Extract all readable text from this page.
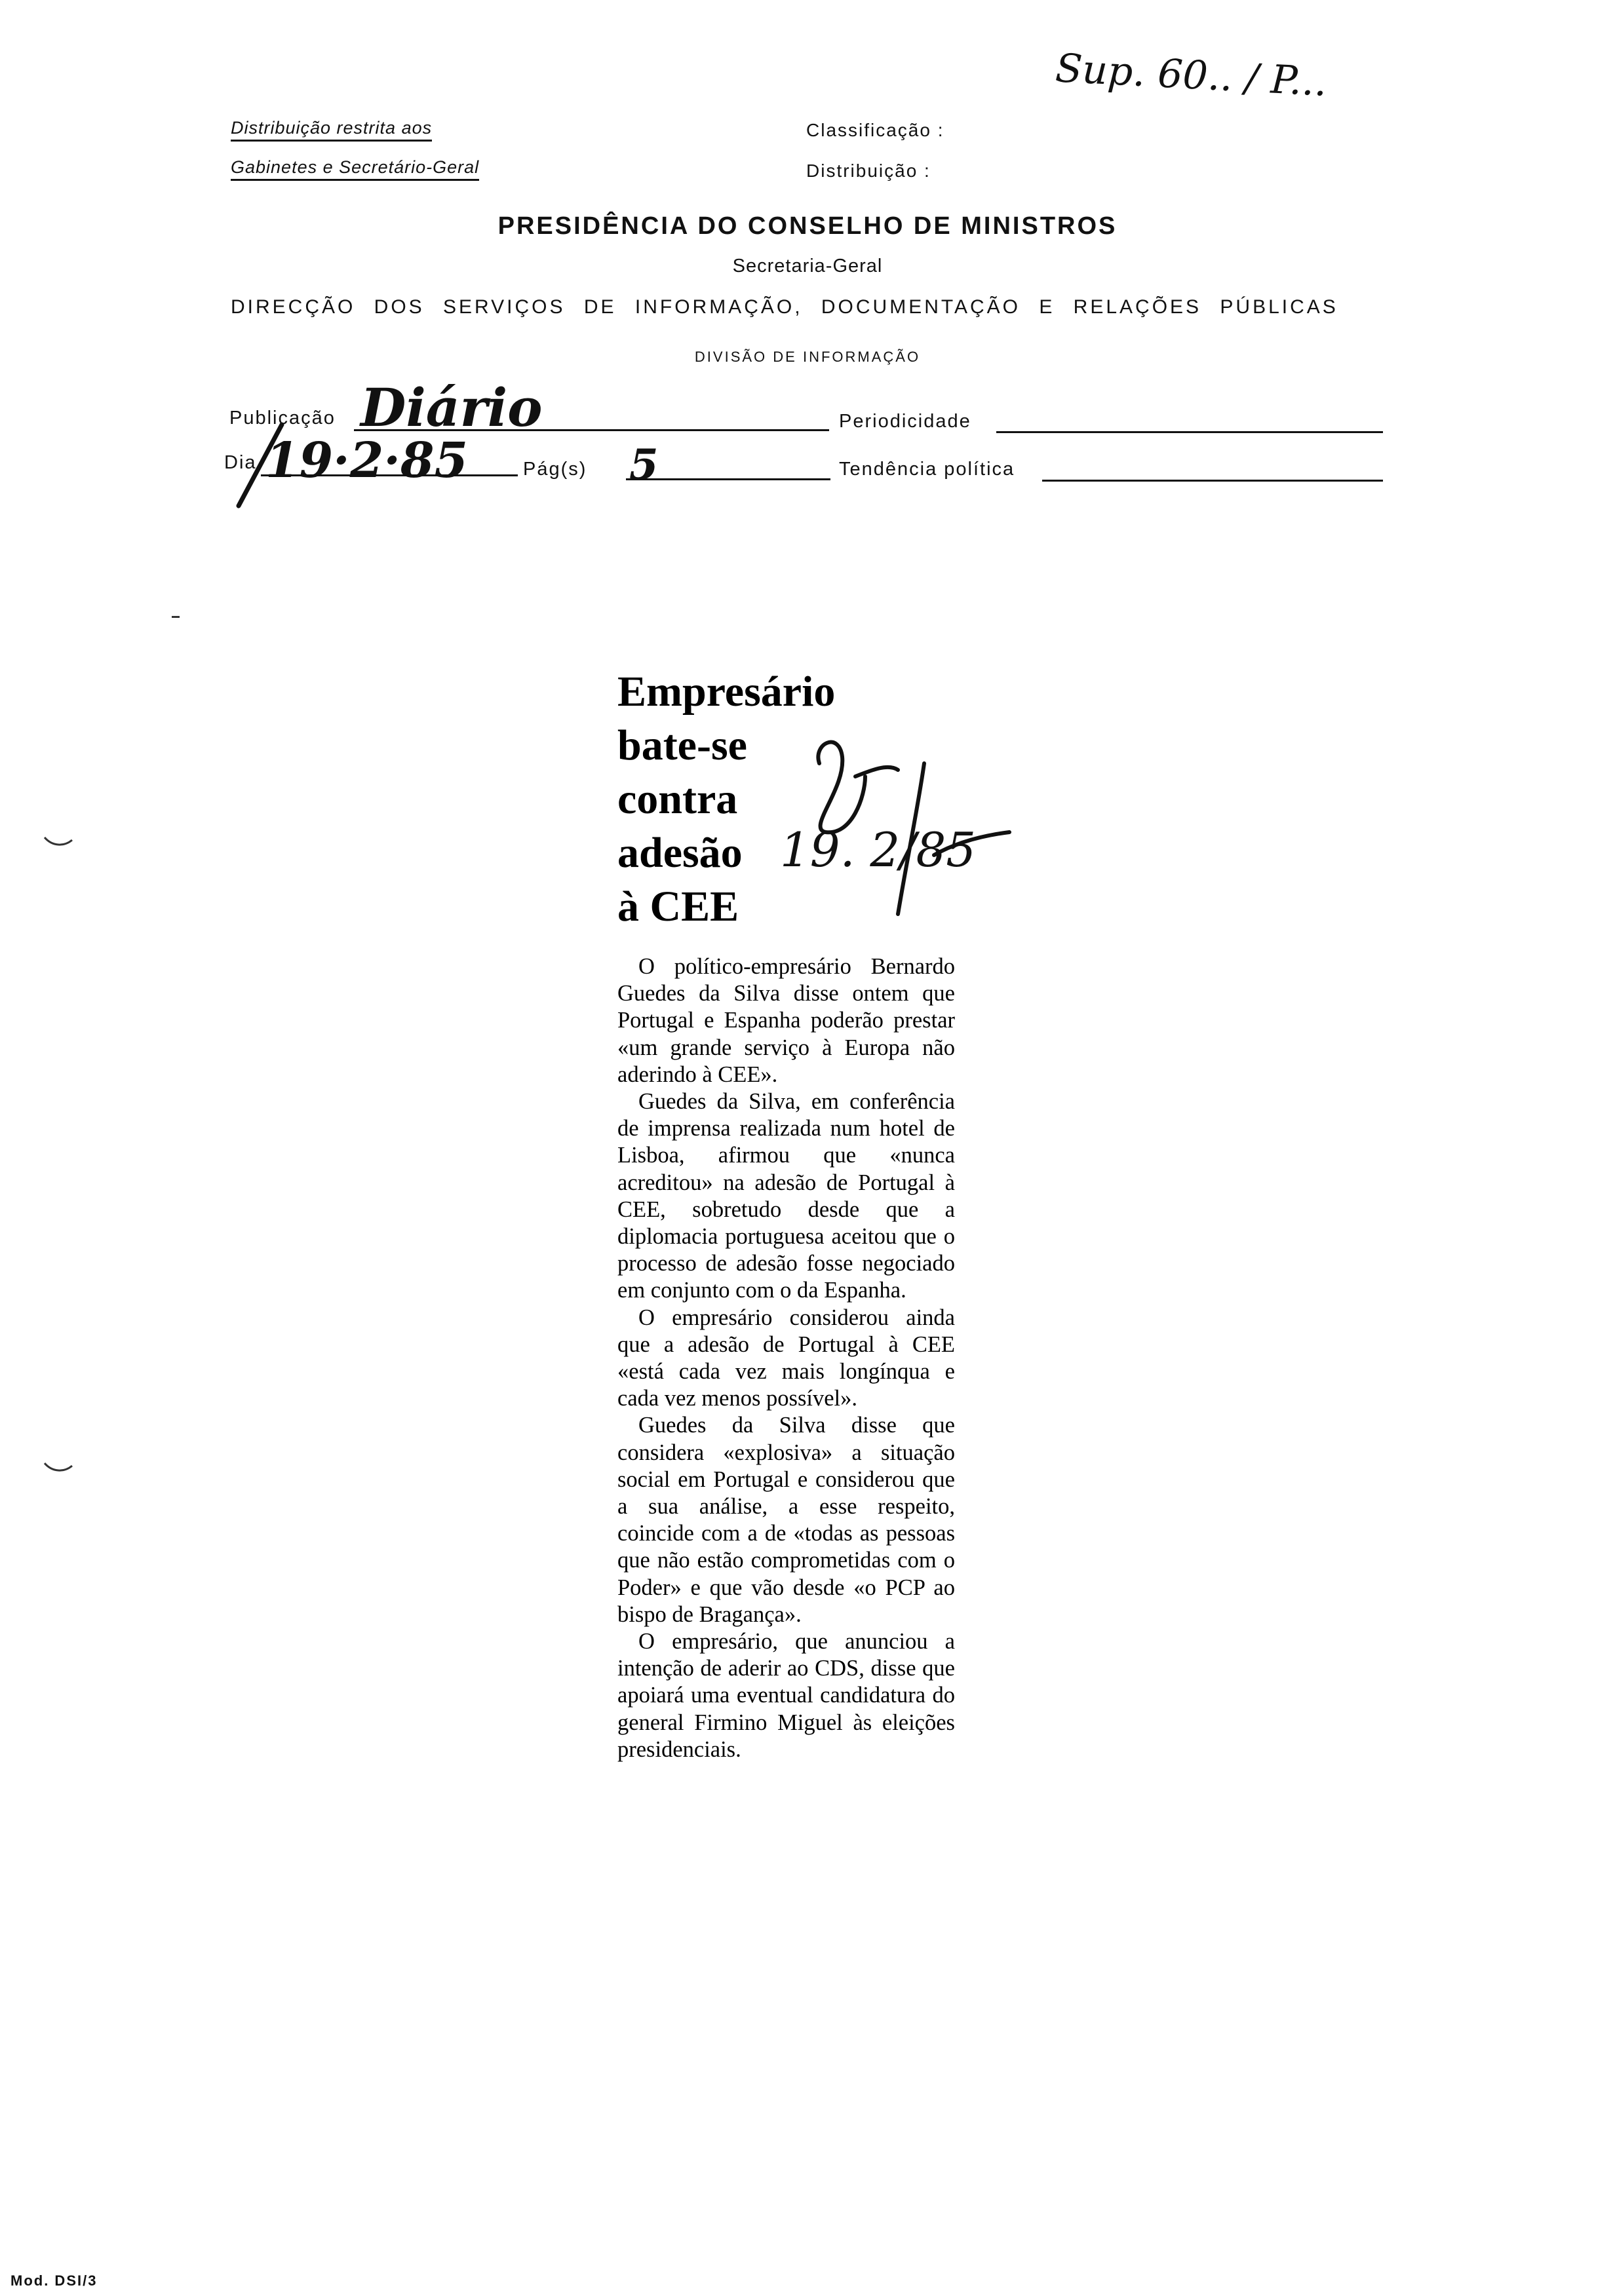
Distribuição restrita aos
Gabinetes e Secretário-Geral
Classificação :
Distribuição :
Sup. 60.. / P...
PRESIDÊNCIA DO CONSELHO DE MINISTROS
Secretaria-Geral
DIRECÇÃO DOS SERVIÇOS DE INFORMAÇÃO, DOCUMENTAÇÃO E RELAÇÕES PÚBLICAS
DIVISÃO DE INFORMAÇÃO
Publicação Diário	Periodicidade
Dia 19·2·85	Pág(s) 5	Tendência política
Empresário
bate-se
contra
adesão
à CEE
19. 2/85

O político-empresário Bernardo Guedes da Silva disse ontem que Portugal e Espanha poderão prestar «um grande serviço à Europa não aderindo à CEE».

Guedes da Silva, em conferência de imprensa realizada num hotel de Lisboa, afirmou que «nunca acreditou» na adesão de Portugal à CEE, sobretudo desde que a diplomacia portuguesa aceitou que o processo de adesão fosse negociado em conjunto com o da Espanha.

O empresário considerou ainda que a adesão de Portugal à CEE «está cada vez mais longínqua e cada vez menos possível».

Guedes da Silva disse que considera «explosiva» a situação social em Portugal e considerou que a sua análise, a esse respeito, coincide com a de «todas as pessoas que não estão comprometidas com o Poder» e que vão desde «o PCP ao bispo de Bragança».

O empresário, que anunciou a intenção de aderir ao CDS, disse que apoiará uma eventual candidatura do general Firmino Miguel às eleições presidenciais.

Mod. DSI/3
